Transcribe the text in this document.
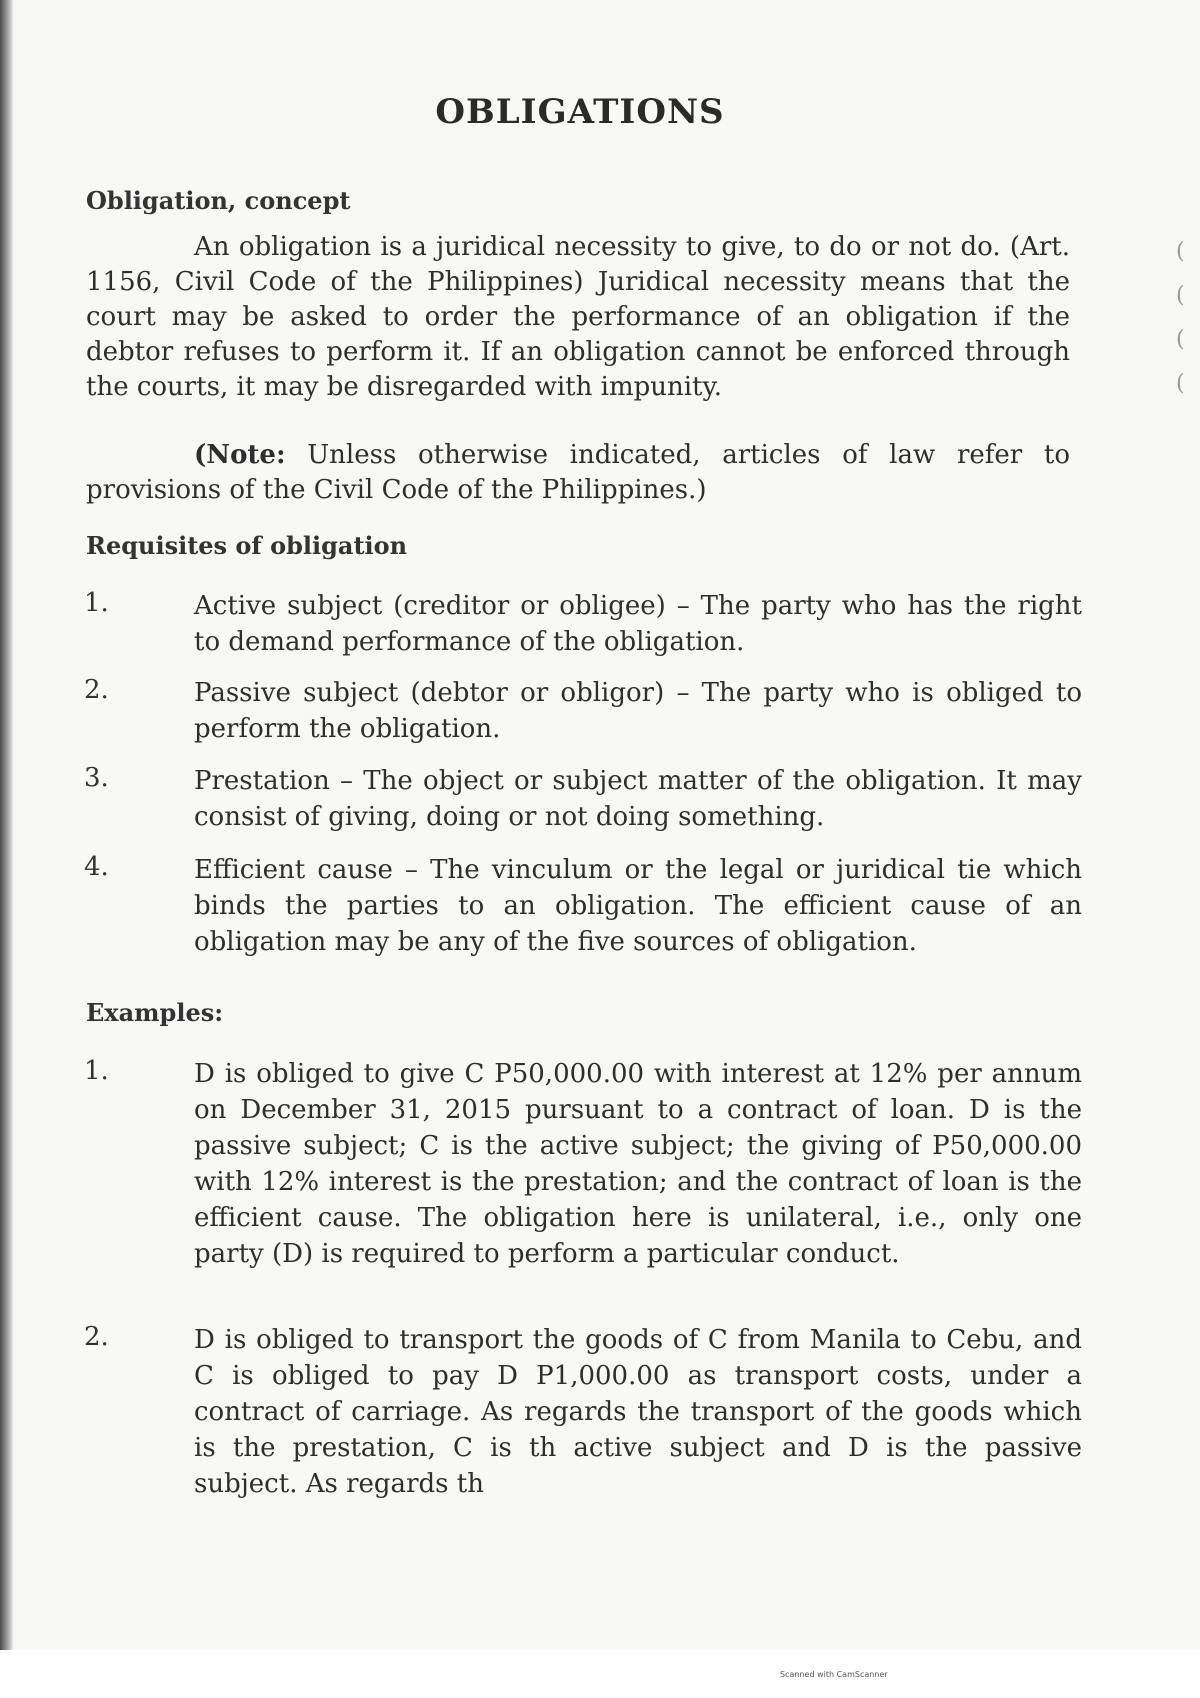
(
(
(
(
OBLIGATIONS
Obligation, concept
An obligation is a juridical necessity to give, to do or not do. (Art. 1156, Civil Code of the Philippines) Juridical necessity means that the court may be asked to order the performance of an obligation if the debtor refuses to perform it. If an obligation cannot be enforced through the courts, it may be disregarded with impunity.
(Note: Unless otherwise indicated, articles of law refer to provisions of the Civil Code of the Philippines.)
Requisites of obligation
1.	Active subject (creditor or obligee) – The party who has the right to demand performance of the obligation.
2.	Passive subject (debtor or obligor) – The party who is obliged to perform the obligation.
3.	Prestation – The object or subject matter of the obligation. It may consist of giving, doing or not doing something.
4.	Efficient cause – The vinculum or the legal or juridical tie which binds the parties to an obligation. The efficient cause of an obligation may be any of the five sources of obligation.
Examples:
1.	D is obliged to give C P50,000.00 with interest at 12% per annum on December 31, 2015 pursuant to a contract of loan. D is the passive subject; C is the active subject; the giving of P50,000.00 with 12% interest is the prestation; and the contract of loan is the efficient cause. The obligation here is unilateral, i.e., only one party (D) is required to perform a particular conduct.
2.	D is obliged to transport the goods of C from Manila to Cebu, and C is obliged to pay D P1,000.00 as transport costs, under a contract of carriage. As regards the transport of the goods which is the prestation, C is th active subject and D is the passive subject. As regards th
Scanned with CamScanner
